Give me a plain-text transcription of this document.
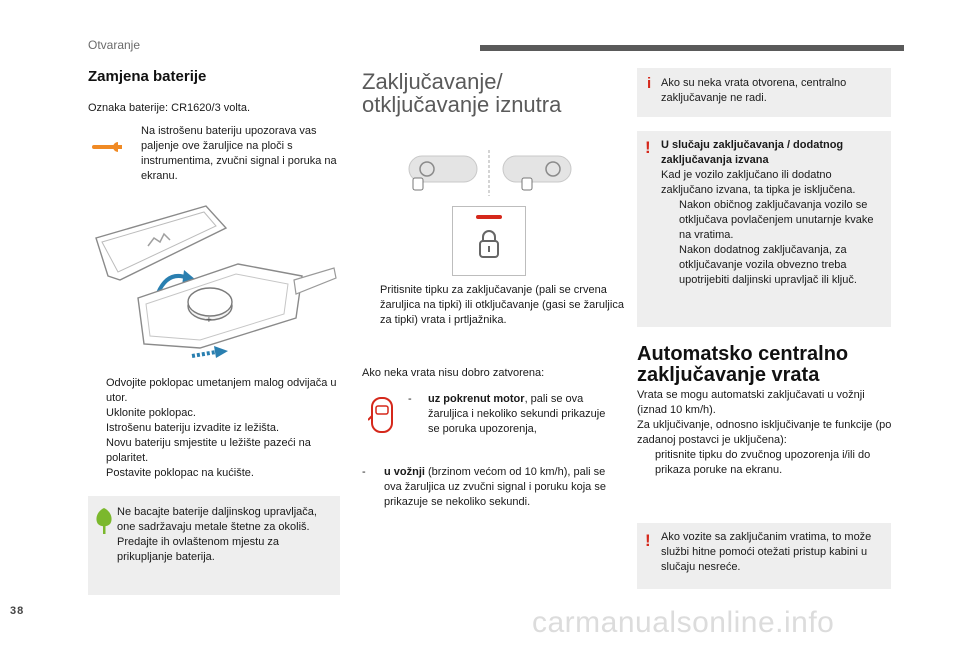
Otvaranje
Zamjena baterije
Oznaka baterije: CR1620/3 volta.
Na istrošenu bateriju upozorava vas paljenje ove žaruljice na ploči s instrumentima, zvučni signal i poruka na ekranu.
+

Odvojite poklopac umetanjem malog odvijača u utor.

Uklonite poklopac.

Istrošenu bateriju izvadite iz ležišta.

Novu bateriju smjestite u ležište pazeći na polaritet.

Postavite poklopac na kućište.

Ne bacajte baterije daljinskog upravljača, one sadržavaju metale štetne za okoliš. Predajte ih ovlaštenom mjestu za prikupljanje baterija.
Zaključavanje/
otključavanje iznutra

Pritisnite tipku za zaključavanje (pali se crvena žaruljica na tipki) ili otključavanje (gasi se žaruljica za tipki) vrata i prtljažnika.

Ako neka vrata nisu dobro zatvorena:
- uz pokrenut motor, pali se ova žaruljica i nekoliko sekundi prikazuje se poruka upozorenja,
- u vožnji (brzinom većom od 10 km/h), pali se ova žaruljica uz zvučni signal i poruku koja se prikazuje se nekoliko sekundi.
i Ako su neka vrata otvorena, centralno zaključavanje ne radi.
! U slučaju zaključavanja / dodatnog zaključavanja izvana
Kad je vozilo zaključano ili dodatno zaključano izvana, ta tipka je isključena.

Nakon običnog zaključavanja vozilo se otključava povlačenjem unutarnje kvake na vratima.

Nakon dodatnog zaključavanja, za otključavanje vozila obvezno treba upotrijebiti daljinski upravljač ili ključ.

Automatsko centralno
zaključavanje vrata
Vrata se mogu automatski zaključavati u vožnji (iznad 10 km/h).
Za uključivanje, odnosno isključivanje te funkcije (po zadanoj postavci je uključena):

pritisnite tipku do zvučnog upozorenja i/ili do prikaza poruke na ekranu.

! Ako vozite sa zaključanim vratima, to može službi hitne pomoći otežati pristup kabini u slučaju nesreće.
38	carmanualsonline.info
